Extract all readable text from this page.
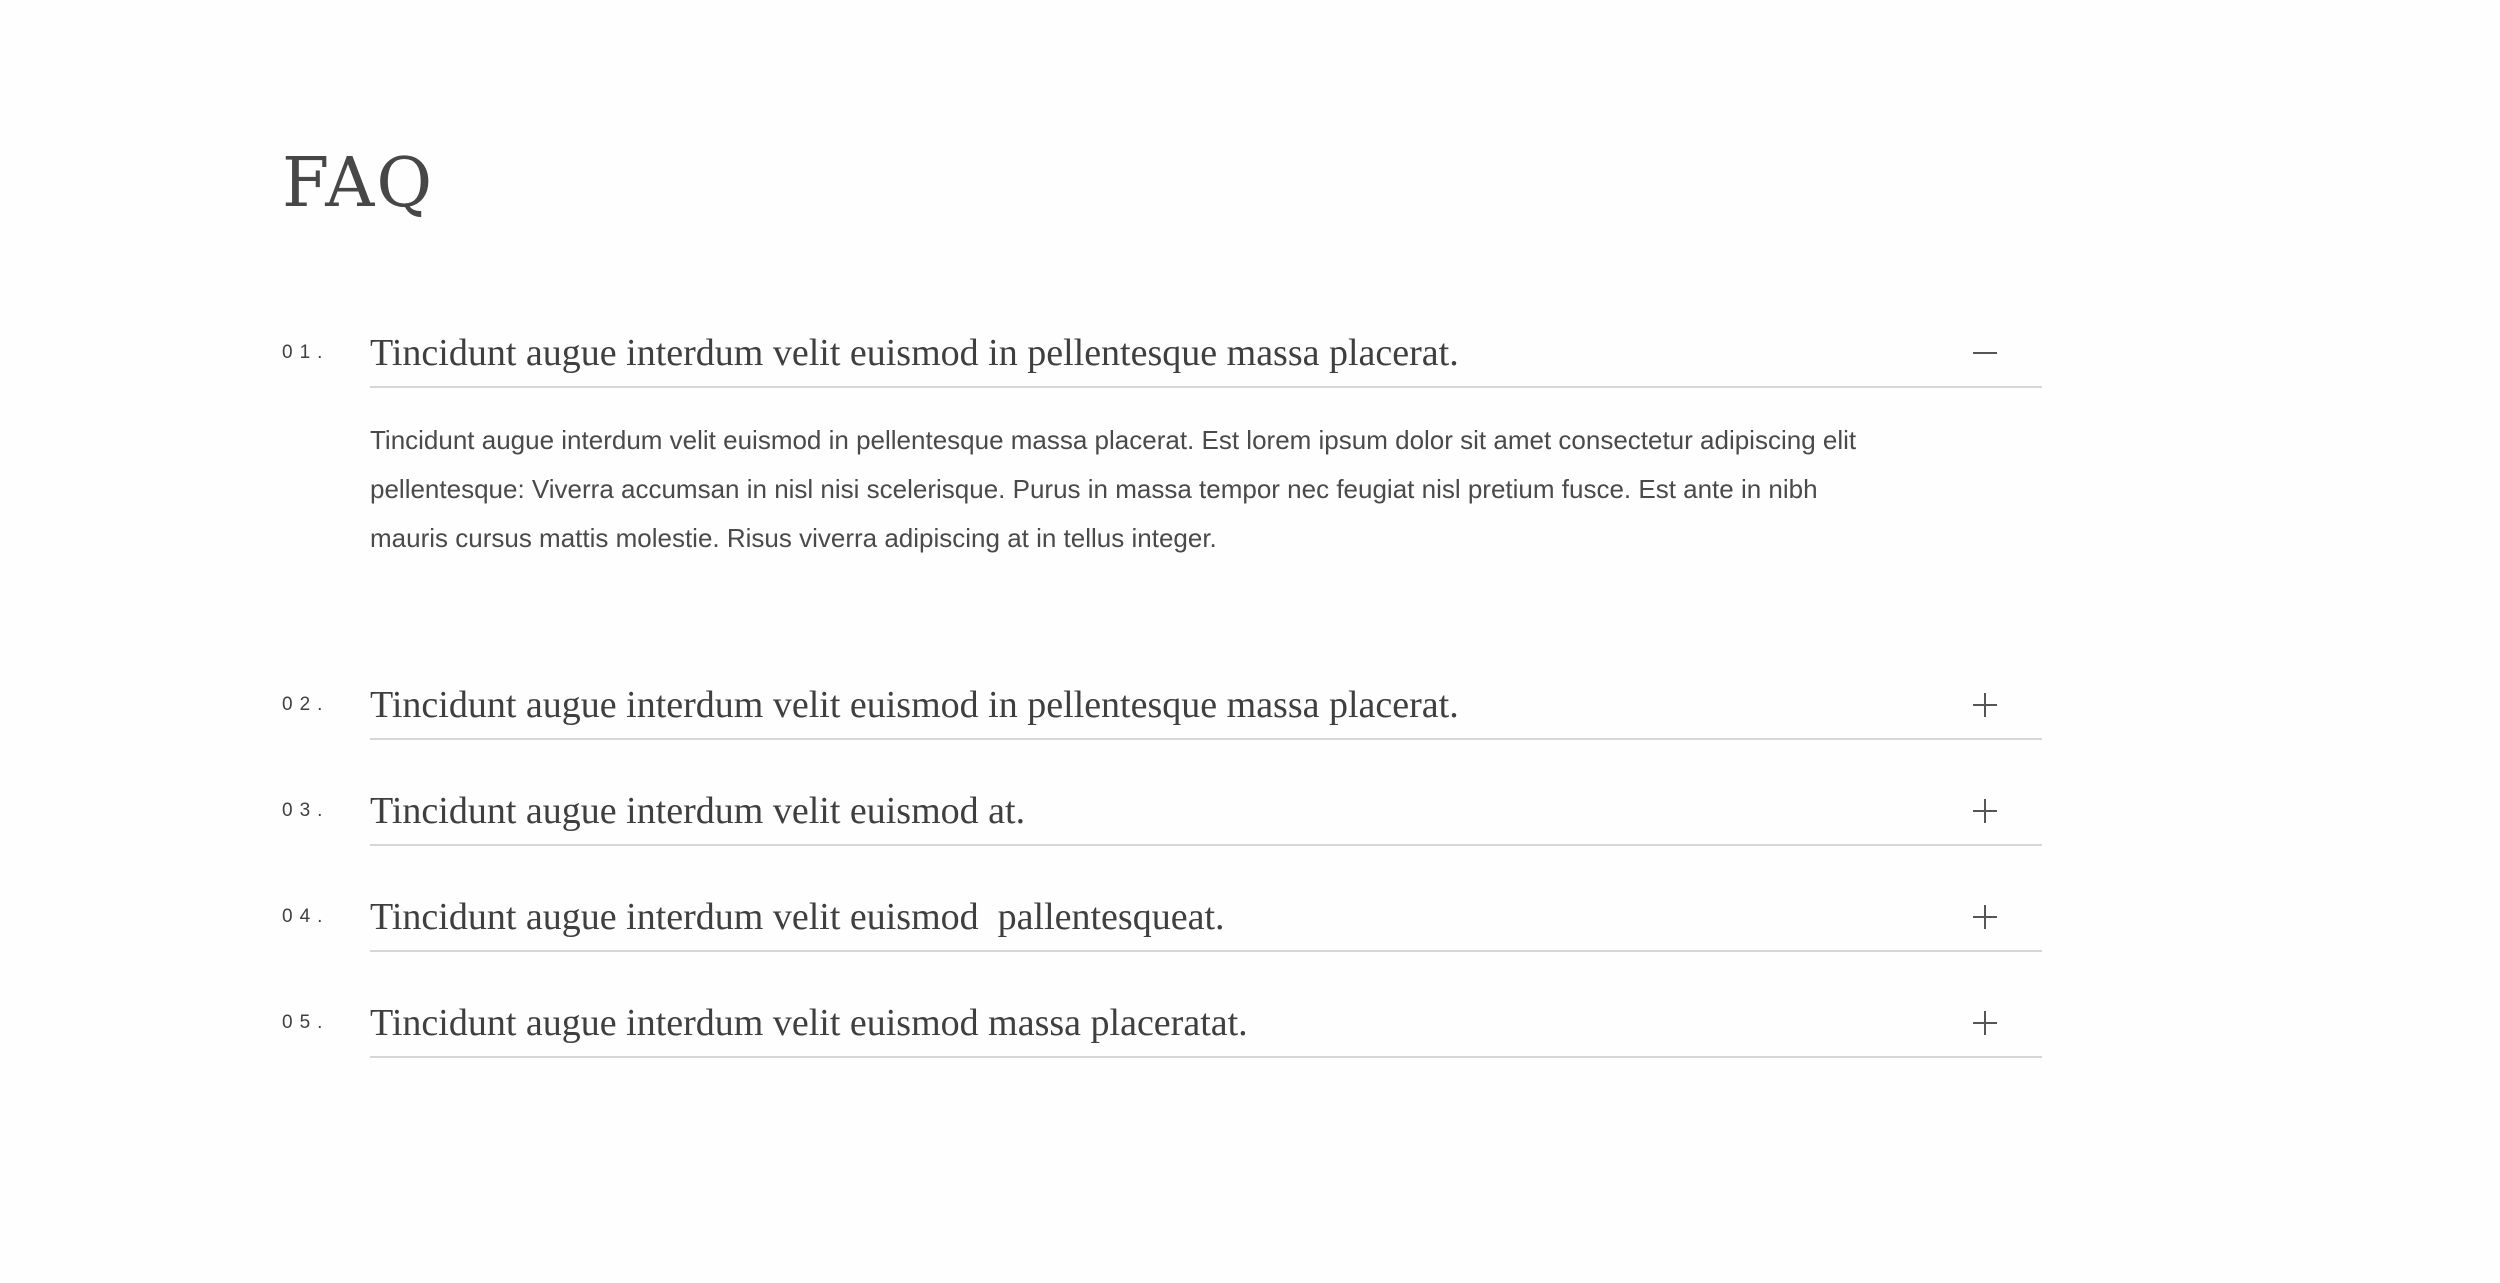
FAQ
01. Tincidunt augue interdum velit euismod in pellentesque massa placerat.

Tincidunt augue interdum velit euismod in pellentesque massa placerat. Est lorem ipsum dolor sit amet consectetur adipiscing elit pellentesque: Viverra accumsan in nisl nisi scelerisque. Purus in massa tempor nec feugiat nisl pretium fusce. Est ante in nibh mauris cursus mattis molestie. Risus viverra adipiscing at in tellus integer.

02. Tincidunt augue interdum velit euismod in pellentesque massa placerat.
03. Tincidunt augue interdum velit euismod at.
04. Tincidunt augue interdum velit euismod  pallentesqueat.
05. Tincidunt augue interdum velit euismod massa placeratat.
